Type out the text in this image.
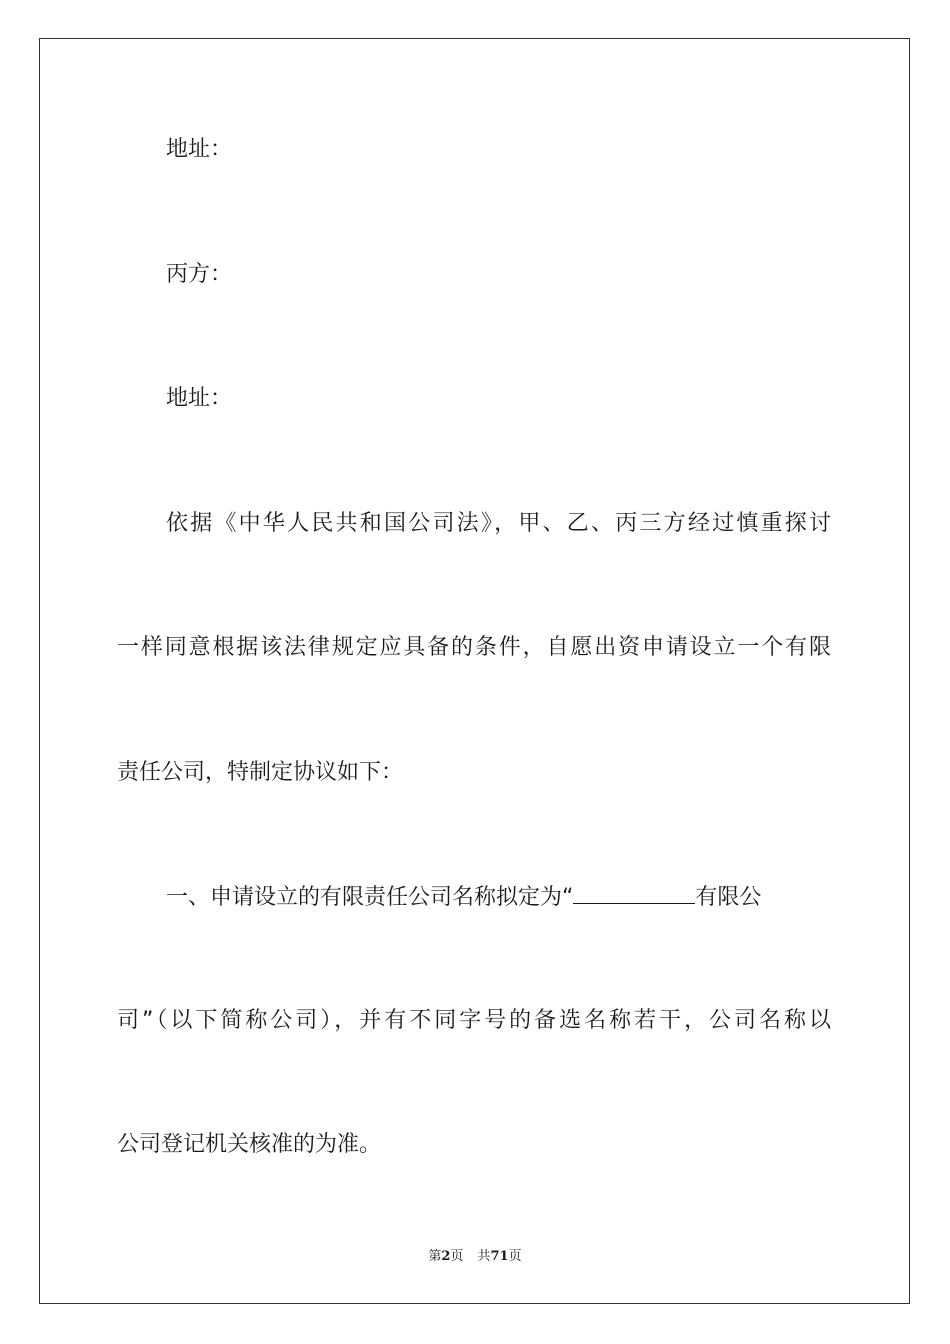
地址：
丙方：
地址：
依据《中华人民共和国公司法》，甲、乙、丙三方经过慎重探讨
一样同意根据该法律规定应具备的条件，自愿出资申请设立一个有限
责任公司，特制定协议如下：
一、申请设立的有限责任公司名称拟定为“	有限公
司”（以下简称公司），并有不同字号的备选名称若干，公司名称以
公司登记机关核准的为准。
第2页 共71页
